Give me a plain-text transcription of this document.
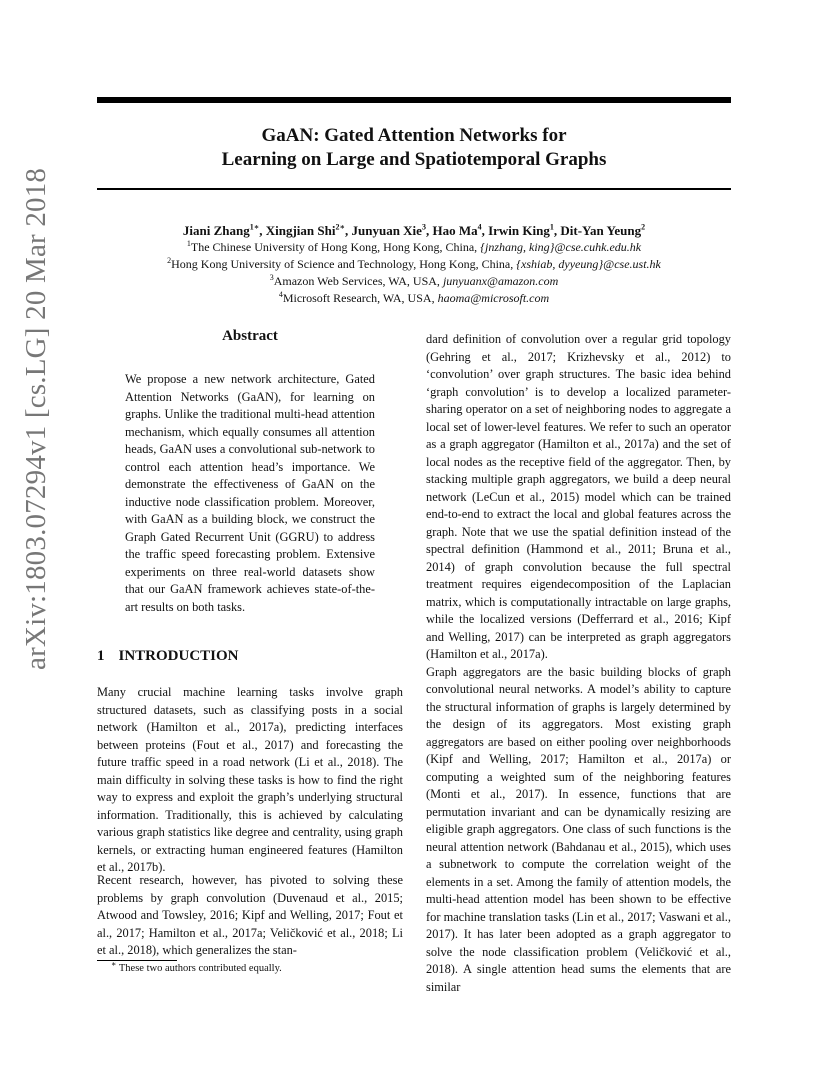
arXiv:1803.07294v1 [cs.LG] 20 Mar 2018
GaAN: Gated Attention Networks for
Learning on Large and Spatiotemporal Graphs
Jiani Zhang$^{1∗}$, Xingjian Shi$^{2∗}$, Junyuan Xie$^3$, Hao Ma$^4$, Irwin King$^1$, Dit-Yan Yeung$^2$
$^1$The Chinese University of Hong Kong, Hong Kong, China, {jnzhang, king}@cse.cuhk.edu.hk
$^2$Hong Kong University of Science and Technology, Hong Kong, China, {xshiab, dyyeung}@cse.ust.hk
$^3$Amazon Web Services, WA, USA, junyuanx@amazon.com
$^4$Microsoft Research, WA, USA, haoma@microsoft.com
Abstract

We propose a new network architecture, Gated Attention Networks (GaAN), for learning on graphs. Unlike the traditional multi-head attention mechanism, which equally consumes all attention heads, GaAN uses a convolutional sub-network to control each attention head’s importance. We demonstrate the effectiveness of GaAN on the inductive node classification problem. Moreover, with GaAN as a building block, we construct the Graph Gated Recurrent Unit (GGRU) to address the traffic speed forecasting problem. Extensive experiments on three real-world datasets show that our GaAN framework achieves state-of-the-art results on both tasks.

1 INTRODUCTION
Many crucial machine learning tasks involve graph structured datasets, such as classifying posts in a social network (Hamilton et al., 2017a), predicting interfaces between proteins (Fout et al., 2017) and forecasting the future traffic speed in a road network (Li et al., 2018). The main difficulty in solving these tasks is how to find the right way to express and exploit the graph’s underlying structural information. Traditionally, this is achieved by calculating various graph statistics like degree and centrality, using graph kernels, or extracting human engineered features (Hamilton et al., 2017b).
Recent research, however, has pivoted to solving these problems by graph convolution (Duvenaud et al., 2015; Atwood and Towsley, 2016; Kipf and Welling, 2017; Fout et al., 2017; Hamilton et al., 2017a; Veličković et al., 2018; Li et al., 2018), which generalizes the stan-
∗ These two authors contributed equally.

dard definition of convolution over a regular grid topology (Gehring et al., 2017; Krizhevsky et al., 2012) to ‘convolution’ over graph structures. The basic idea behind ‘graph convolution’ is to develop a localized parameter-sharing operator on a set of neighboring nodes to aggregate a local set of lower-level features. We refer to such an operator as a graph aggregator (Hamilton et al., 2017a) and the set of local nodes as the receptive field of the aggregator. Then, by stacking multiple graph aggregators, we build a deep neural network (LeCun et al., 2015) model which can be trained end-to-end to extract the local and global features across the graph. Note that we use the spatial definition instead of the spectral definition (Hammond et al., 2011; Bruna et al., 2014) of graph convolution because the full spectral treatment requires eigendecomposition of the Laplacian matrix, which is computationally intractable on large graphs, while the localized versions (Defferrard et al., 2016; Kipf and Welling, 2017) can be interpreted as graph aggregators (Hamilton et al., 2017a).

Graph aggregators are the basic building blocks of graph convolutional neural networks. A model’s ability to capture the structural information of graphs is largely determined by the design of its aggregators. Most existing graph aggregators are based on either pooling over neighborhoods (Kipf and Welling, 2017; Hamilton et al., 2017a) or computing a weighted sum of the neighboring features (Monti et al., 2017). In essence, functions that are permutation invariant and can be dynamically resizing are eligible graph aggregators. One class of such functions is the neural attention network (Bahdanau et al., 2015), which uses a subnetwork to compute the correlation weight of the elements in a set. Among the family of attention models, the multi-head attention model has been shown to be effective for machine translation tasks (Lin et al., 2017; Vaswani et al., 2017). It has later been adopted as a graph aggregator to solve the node classification problem (Veličković et al., 2018). A single attention head sums the elements that are similar
